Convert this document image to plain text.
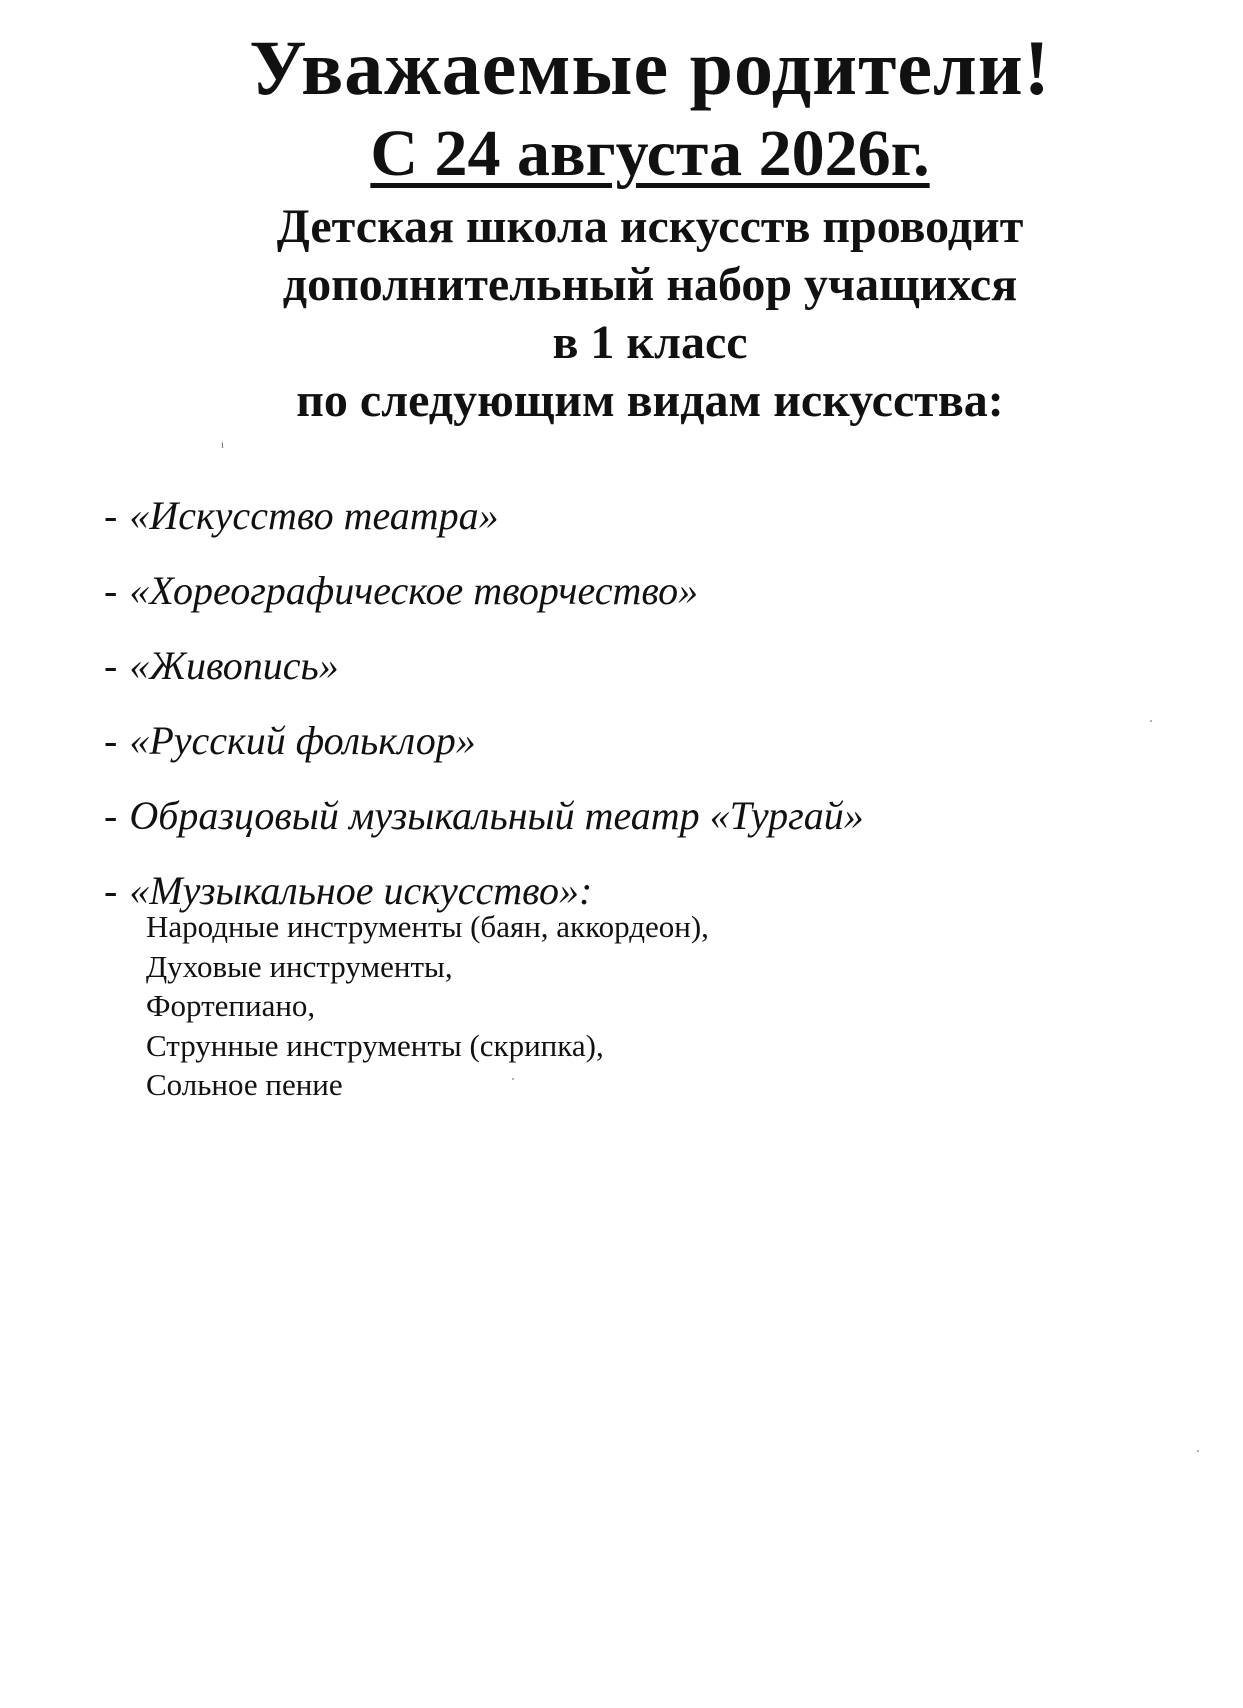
Уважаемые родители!
С 24 августа 2026г.
Детская школа искусств проводит
дополнительный набор учащихся
в 1 класс
по следующим видам искусства:
ⁱ
- «Искусство театра»
- «Хореографическое творчество»
- «Живопись»
- «Русский фольклор»
- Образцовый музыкальный театр «Тургай»
- «Музыкальное искусство»:
Народные инструменты (баян, аккордеон),
Духовые инструменты,
Фортепиано,
Струнные инструменты (скрипка),
Сольное пение
